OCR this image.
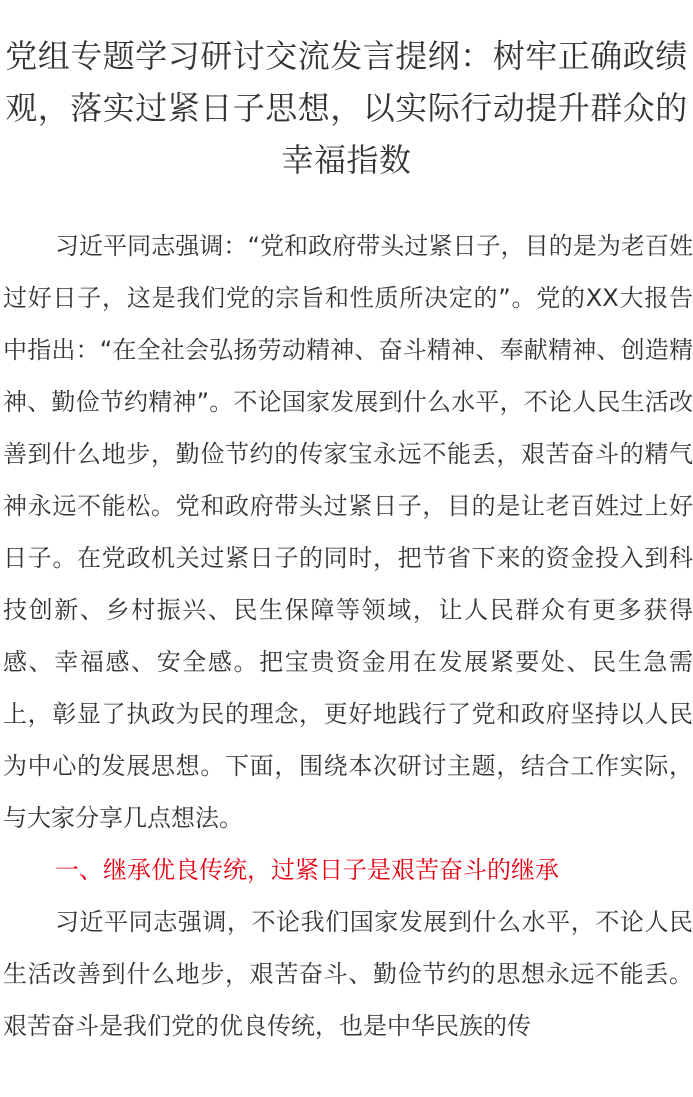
党组专题学习研讨交流发言提纲：树牢正确政绩观，落实过紧日子思想，以实际行动提升群众的幸福指数

习近平同志强调：“党和政府带头过紧日子，目的是为老百姓过好日子，这是我们党的宗旨和性质所决定的”。党的XX大报告中指出：“在全社会弘扬劳动精神、奋斗精神、奉献精神、创造精神、勤俭节约精神”。不论国家发展到什么水平，不论人民生活改善到什么地步，勤俭节约的传家宝永远不能丢，艰苦奋斗的精气神永远不能松。党和政府带头过紧日子，目的是让老百姓过上好日子。在党政机关过紧日子的同时，把节省下来的资金投入到科技创新、乡村振兴、民生保障等领域，让人民群众有更多获得感、幸福感、安全感。把宝贵资金用在发展紧要处、民生急需上，彰显了执政为民的理念，更好地践行了党和政府坚持以人民为中心的发展思想。下面，围绕本次研讨主题，结合工作实际，与大家分享几点想法。

一、继承优良传统，过紧日子是艰苦奋斗的继承

习近平同志强调，不论我们国家发展到什么水平，不论人民生活改善到什么地步，艰苦奋斗、勤俭节约的思想永远不能丢。艰苦奋斗是我们党的优良传统，也是中华民族的传
